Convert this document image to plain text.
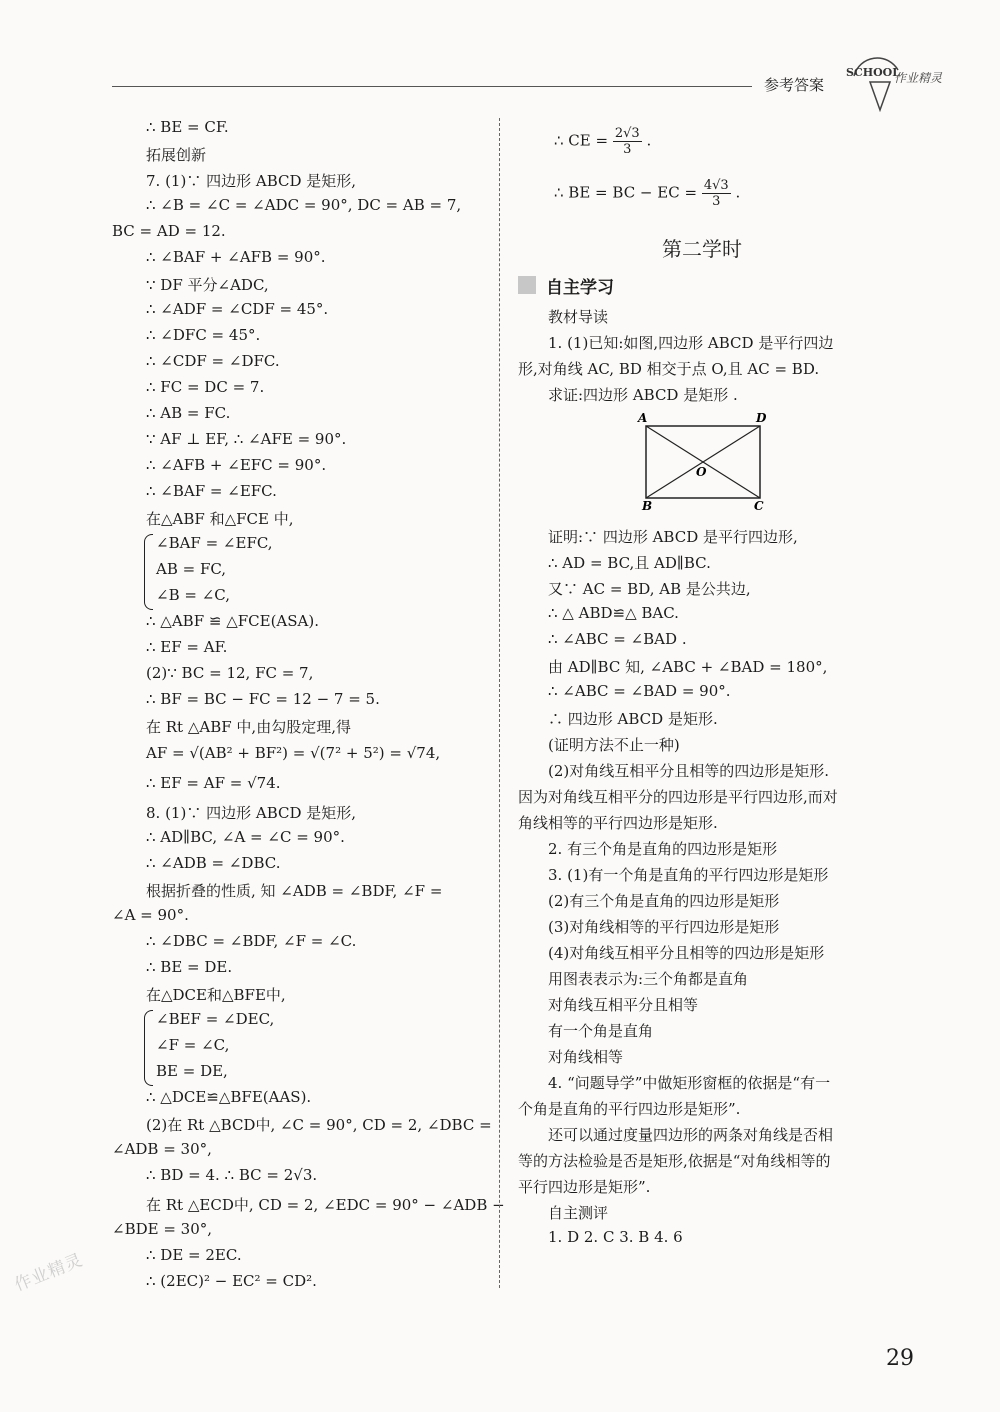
参考答案
SCHOOL
作业精灵
∴ BE = CF.
拓展创新
7. (1)∵ 四边形 ABCD 是矩形,
∴ ∠B = ∠C = ∠ADC = 90°, DC = AB = 7,
BC = AD = 12.
∴ ∠BAF + ∠AFB = 90°.
∵ DF 平分∠ADC,
∴ ∠ADF = ∠CDF = 45°.
∴ ∠DFC = 45°.
∴ ∠CDF = ∠DFC.
∴ FC = DC = 7.
∴ AB = FC.
∵ AF ⊥ EF, ∴ ∠AFE = 90°.
∴ ∠AFB + ∠EFC = 90°.
∴ ∠BAF = ∠EFC.
在△ABF 和△FCE 中,
∠BAF = ∠EFC,
AB = FC,
∠B = ∠C,
∴ △ABF ≌ △FCE(ASA).
∴ EF = AF.
(2)∵ BC = 12, FC = 7,
∴ BF = BC − FC = 12 − 7 = 5.
在 Rt △ABF 中,由勾股定理,得
AF = √(AB² + BF²) = √(7² + 5²) = √74,
∴ EF = AF = √74.
8. (1)∵ 四边形 ABCD 是矩形,
∴ AD∥BC, ∠A = ∠C = 90°.
∴ ∠ADB = ∠DBC.
根据折叠的性质, 知 ∠ADB = ∠BDF, ∠F =
∠A = 90°.
∴ ∠DBC = ∠BDF, ∠F = ∠C.
∴ BE = DE.
在△DCE和△BFE中,
∠BEF = ∠DEC,
∠F = ∠C,
BE = DE,
∴ △DCE≌△BFE(AAS).
(2)在 Rt △BCD中, ∠C = 90°, CD = 2, ∠DBC =
∠ADB = 30°,
∴ BD = 4. ∴ BC = 2√3.
在 Rt △ECD中, CD = 2, ∠EDC = 90° − ∠ADB −
∠BDE = 30°,
∴ DE = 2EC.
∴ (2EC)² − EC² = CD².
∴ CE = $\frac{2√3}{3}$ .
∴ BE = BC − EC = $\frac{4√3}{3}$ .
第二学时
自主学习
A	D
B	C
O
教材导读
1. (1)已知:如图,四边形 ABCD 是平行四边
形,对角线 AC, BD 相交于点 O,且 AC = BD.
求证:四边形 ABCD 是矩形 .
证明:∵ 四边形 ABCD 是平行四边形,
∴ AD = BC,且 AD∥BC.
又∵ AC = BD, AB 是公共边,
∴ △ ABD≌△ BAC.
∴ ∠ABC = ∠BAD .
由 AD∥BC 知, ∠ABC + ∠BAD = 180°,
∴ ∠ABC = ∠BAD = 90°.
∴ 四边形 ABCD 是矩形.
(证明方法不止一种)
(2)对角线互相平分且相等的四边形是矩形.
因为对角线互相平分的四边形是平行四边形,而对
角线相等的平行四边形是矩形.
2. 有三个角是直角的四边形是矩形
3. (1)有一个角是直角的平行四边形是矩形
(2)有三个角是直角的四边形是矩形
(3)对角线相等的平行四边形是矩形
(4)对角线互相平分且相等的四边形是矩形
用图表表示为:三个角都是直角
对角线互相平分且相等
有一个角是直角
对角线相等
4. “问题导学”中做矩形窗框的依据是“有一
个角是直角的平行四边形是矩形”.
还可以通过度量四边形的两条对角线是否相
等的方法检验是否是矩形,依据是“对角线相等的
平行四边形是矩形”.
自主测评
1. D 2. C 3. B 4. 6
作业精灵
29
